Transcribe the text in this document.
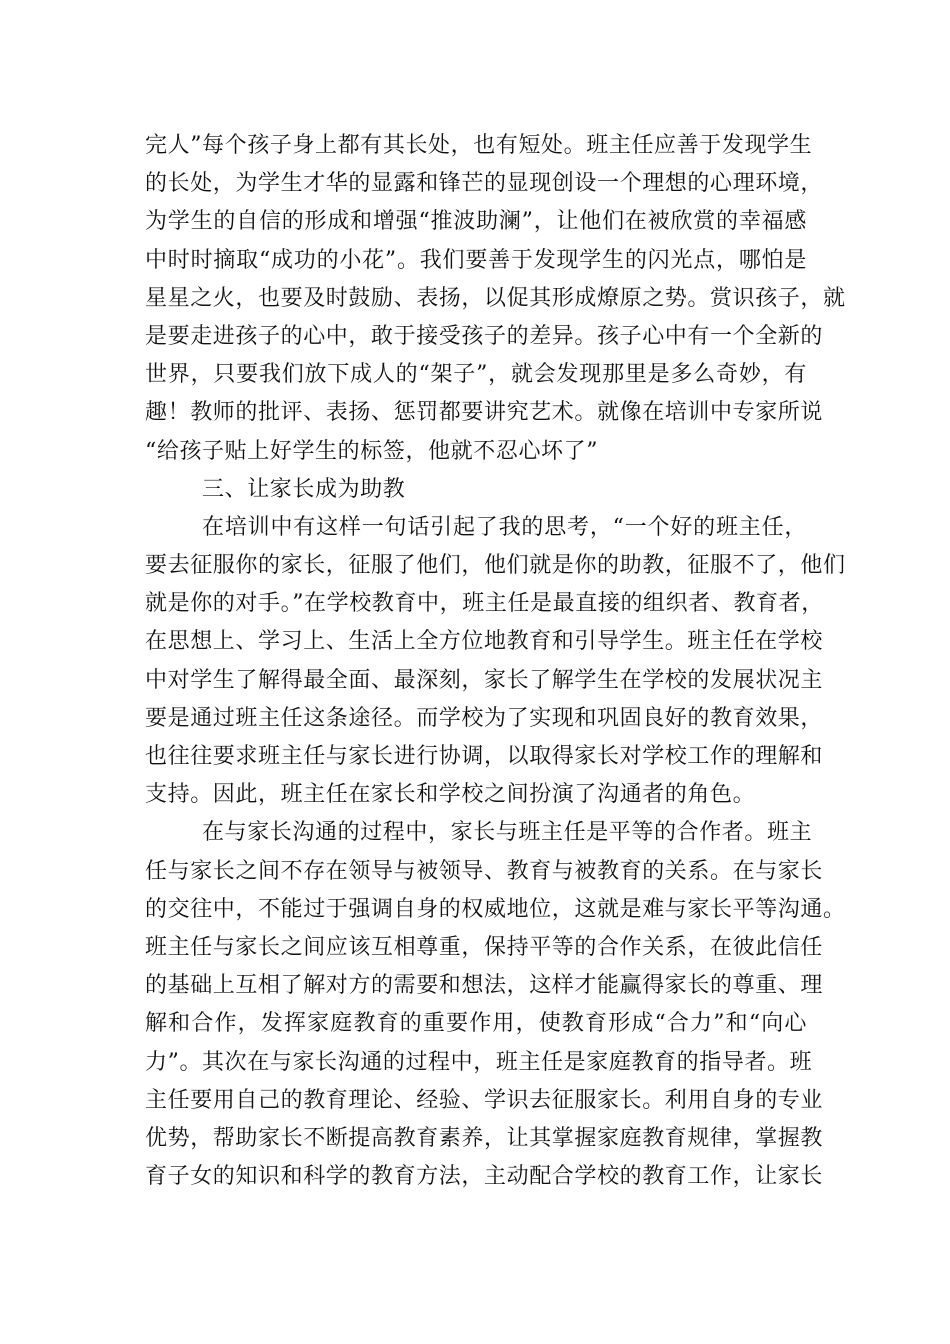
完人”每个孩子身上都有其长处，也有短处。班主任应善于发现学生
的长处，为学生才华的显露和锋芒的显现创设一个理想的心理环境，
为学生的自信的形成和增强“推波助澜”，让他们在被欣赏的幸福感
中时时摘取“成功的小花”。我们要善于发现学生的闪光点，哪怕是
星星之火，也要及时鼓励、表扬，以促其形成燎原之势。赏识孩子，就
是要走进孩子的心中，敢于接受孩子的差异。孩子心中有一个全新的
世界，只要我们放下成人的“架子”，就会发现那里是多么奇妙，有
趣！教师的批评、表扬、惩罚都要讲究艺术。就像在培训中专家所说
“给孩子贴上好学生的标签，他就不忍心坏了”
三、让家长成为助教
在培训中有这样一句话引起了我的思考，“一个好的班主任，
要去征服你的家长，征服了他们，他们就是你的助教，征服不了，他们
就是你的对手。”在学校教育中，班主任是最直接的组织者、教育者，
在思想上、学习上、生活上全方位地教育和引导学生。班主任在学校
中对学生了解得最全面、最深刻，家长了解学生在学校的发展状况主
要是通过班主任这条途径。而学校为了实现和巩固良好的教育效果，
也往往要求班主任与家长进行协调，以取得家长对学校工作的理解和
支持。因此，班主任在家长和学校之间扮演了沟通者的角色。
在与家长沟通的过程中，家长与班主任是平等的合作者。班主
任与家长之间不存在领导与被领导、教育与被教育的关系。在与家长
的交往中，不能过于强调自身的权威地位，这就是难与家长平等沟通。
班主任与家长之间应该互相尊重，保持平等的合作关系，在彼此信任
的基础上互相了解对方的需要和想法，这样才能赢得家长的尊重、理
解和合作，发挥家庭教育的重要作用，使教育形成“合力”和“向心
力”。其次在与家长沟通的过程中，班主任是家庭教育的指导者。班
主任要用自己的教育理论、经验、学识去征服家长。利用自身的专业
优势，帮助家长不断提高教育素养，让其掌握家庭教育规律，掌握教
育子女的知识和科学的教育方法，主动配合学校的教育工作，让家长
